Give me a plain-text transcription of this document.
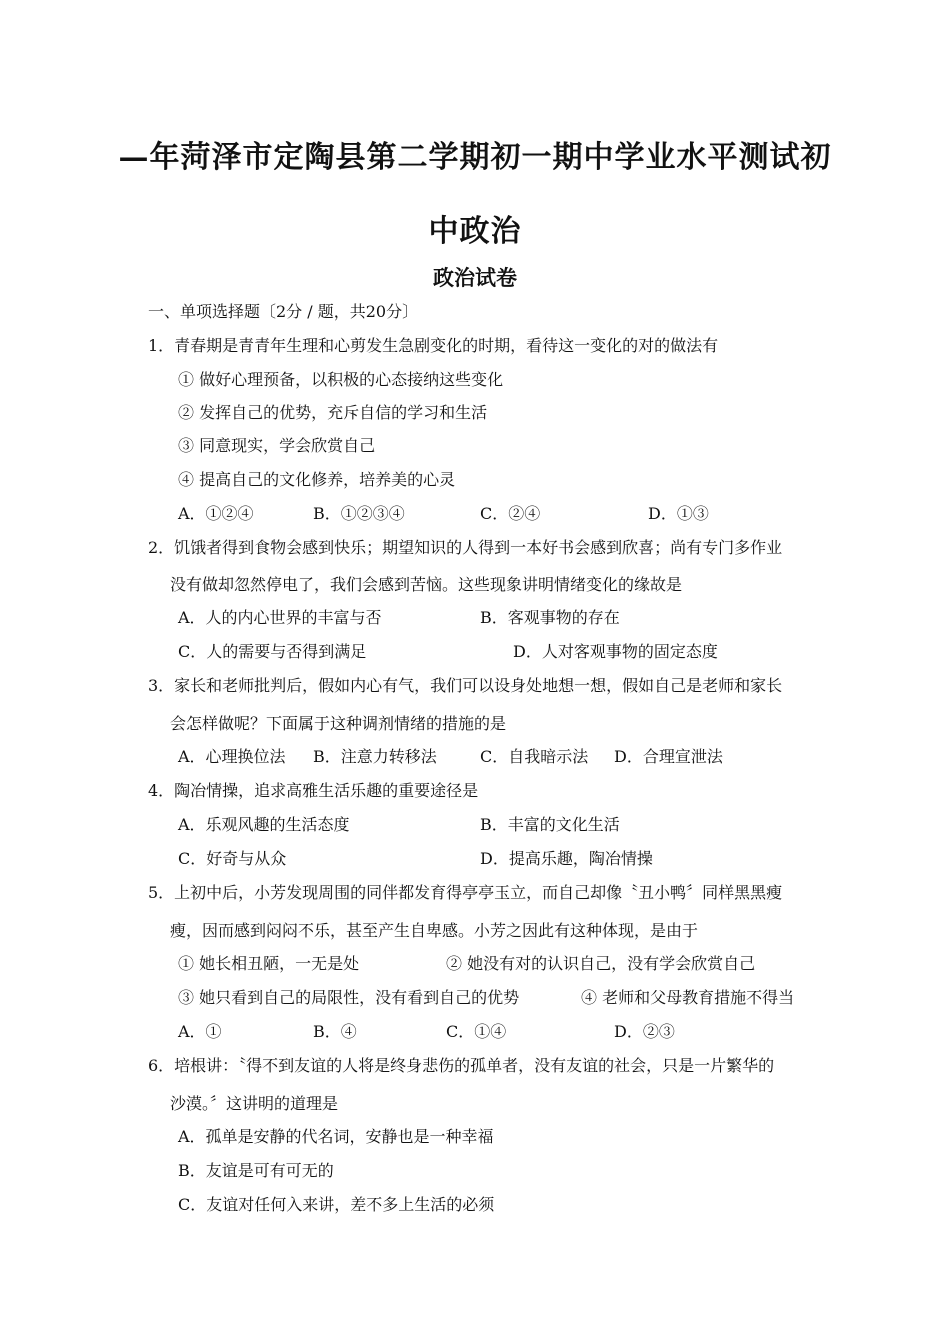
—年菏泽市定陶县第二学期初一期中学业水平测试初
中政治
政治试卷
一、单项选择题〔2分 / 题，共20分〕
1．青春期是青青年生理和心剪发生急剧变化的时期，看待这一变化的对的做法有
① 做好心理预备，以积极的心态接纳这些变化
② 发挥自己的优势，充斥自信的学习和生活
③ 同意现实，学会欣赏自己
④ 提高自己的文化修养，培养美的心灵
A．①②④	B．①②③④	C．②④	D．①③
2．饥饿者得到食物会感到快乐；期望知识的人得到一本好书会感到欣喜；尚有专门多作业
没有做却忽然停电了，我们会感到苦恼。这些现象讲明情绪变化的缘故是
A．人的内心世界的丰富与否	B．客观事物的存在
C．人的需要与否得到满足	D．人对客观事物的固定态度
3．家长和老师批判后，假如内心有气，我们可以设身处地想一想，假如自己是老师和家长
会怎样做呢？下面属于这种调剂情绪的措施的是
A．心理换位法 B．注意力转移法	C．自我暗示法 D．合理宣泄法
4．陶冶情操，追求高雅生活乐趣的重要途径是
A．乐观风趣的生活态度	B．丰富的文化生活
C．好奇与从众	D．提高乐趣，陶冶情操
5．上初中后，小芳发现周围的同伴都发育得亭亭玉立，而自己却像〝丑小鸭〞同样黑黑瘦
瘦，因而感到闷闷不乐，甚至产生自卑感。小芳之因此有这种体现，是由于
① 她长相丑陋，一无是处	② 她没有对的认识自己，没有学会欣赏自己
③ 她只看到自己的局限性，没有看到自己的优势	④ 老师和父母教育措施不得当
A．①	B．④	C．①④	D．②③
6．培根讲：〝得不到友谊的人将是终身悲伤的孤单者，没有友谊的社会，只是一片繁华的
沙漠。〞这讲明的道理是
A．孤单是安静的代名词，安静也是一种幸福
B．友谊是可有可无的
C．友谊对任何入来讲，差不多上生活的必须
